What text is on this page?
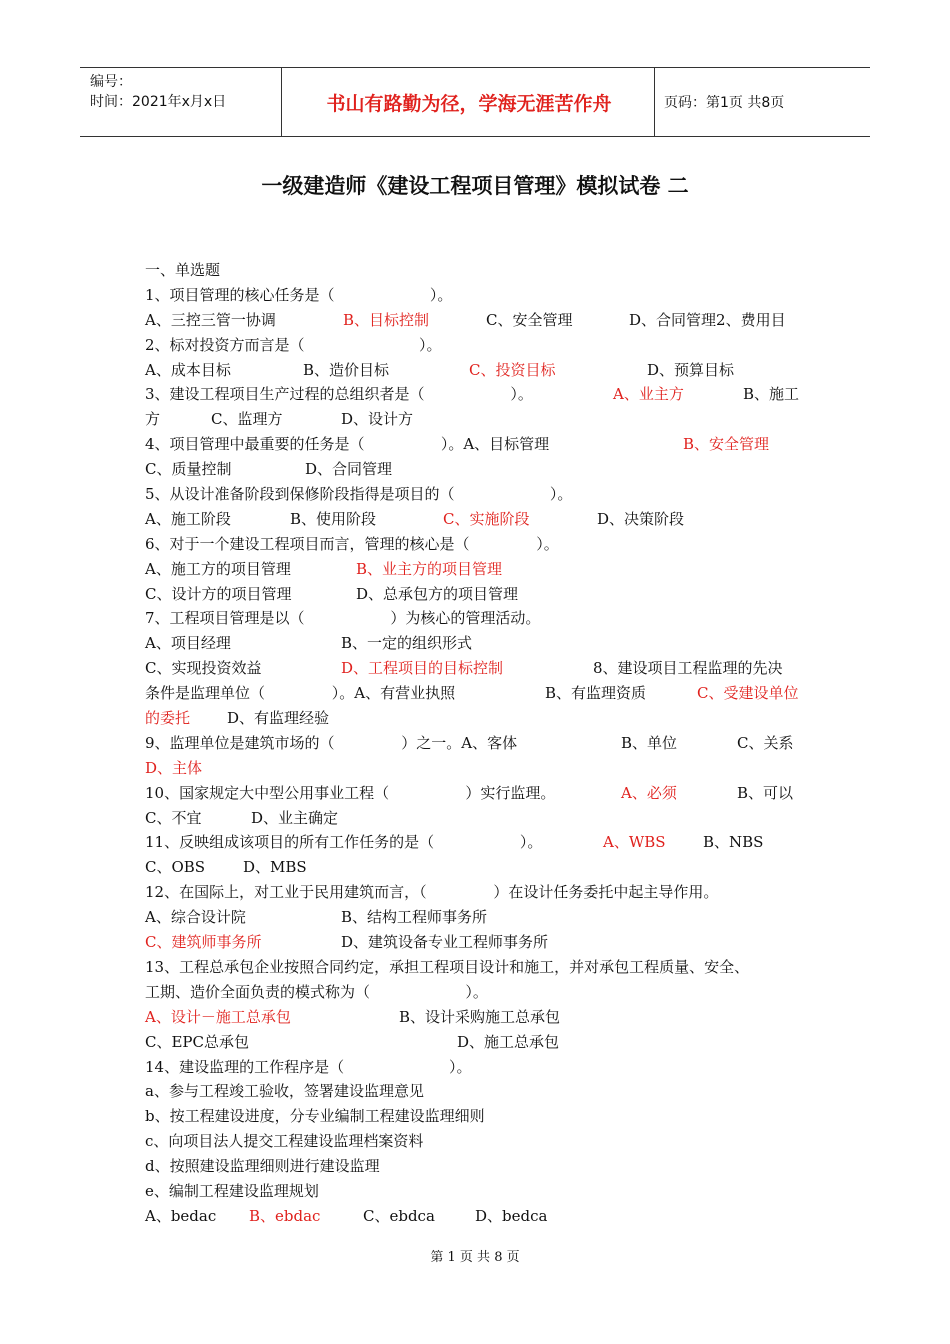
编号：
时间：2021年x月x日	书山有路勤为径，学海无涯苦作舟	页码：第1页 共8页
一级建造师《建设工程项目管理》模拟试卷 二
一、单选题
1、项目管理的核心任务是（                    ）。
A、三控三管一协调	B、目标控制	C、安全管理	D、合同管理2、费用目
2、标对投资方而言是（                        ）。
A、成本目标	B、造价目标	C、投资目标	D、预算目标
3、建设工程项目生产过程的总组织者是（                  ）。	A、业主方	B、施工
方	C、监理方	D、设计方
4、项目管理中最重要的任务是（                ）。A、目标管理	B、安全管理
C、质量控制	D、合同管理
5、从设计准备阶段到保修阶段指得是项目的（                    ）。
A、施工阶段	B、使用阶段	C、实施阶段	D、决策阶段
6、对于一个建设工程项目而言，管理的核心是（              ）。
A、施工方的项目管理	B、业主方的项目管理
C、设计方的项目管理	D、总承包方的项目管理
7、工程项目管理是以（                  ）为核心的管理活动。
A、项目经理	B、一定的组织形式
C、实现投资效益	D、工程项目的目标控制	8、建设项目工程监理的先决
条件是监理单位（              ）。A、有营业执照	B、有监理资质	C、受建设单位
的委托 D、有监理经验
9、监理单位是建筑市场的（              ）之一。A、客体	B、单位	C、关系
D、主体
10、国家规定大中型公用事业工程（                ）实行监理。	A、必须	B、可以
C、不宜	D、业主确定
11、反映组成该项目的所有工作任务的是（                  ）。	A、WBS B、NBS
C、OBS	D、MBS
12、在国际上，对工业于民用建筑而言，（              ）在设计任务委托中起主导作用。
A、综合设计院	B、结构工程师事务所
C、建筑师事务所	D、建筑设备专业工程师事务所
13、工程总承包企业按照合同约定，承担工程项目设计和施工，并对承包工程质量、安全、
工期、造价全面负责的模式称为（                    ）。
A、设计－施工总承包	B、设计采购施工总承包
C、EPC总承包	D、施工总承包
14、建设监理的工作程序是（                      ）。
a、参与工程竣工验收，签署建设监理意见
b、按工程建设进度，分专业编制工程建设监理细则
c、向项目法人提交工程建设监理档案资料
d、按照建设监理细则进行建设监理
e、编制工程建设监理规划
A、bedac B、ebdac	C、ebdca	D、bedca
第 1 页 共 8 页
